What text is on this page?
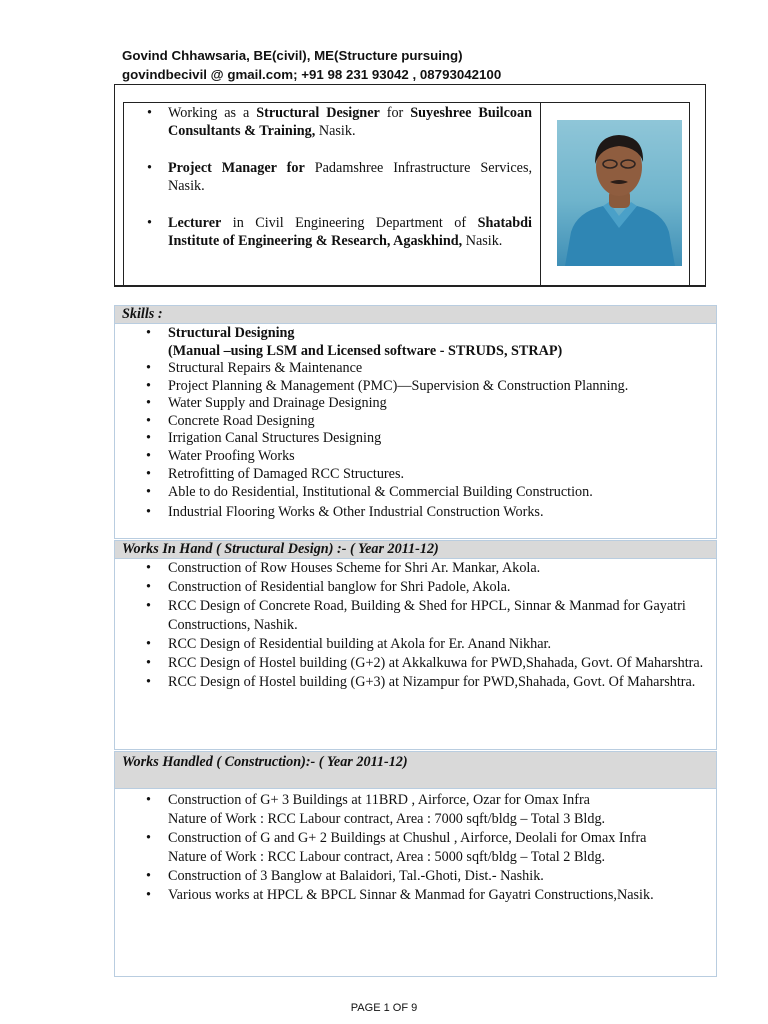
Govind Chhawsaria, BE(civil), ME(Structure pursuing)
govindbecivil @ gmail.com; +91 98 231 93042 , 08793042100
• Working as a Structural Designer for Suyeshree Builcoan Consultants & Training, Nasik.
• Project Manager for Padamshree Infrastructure Services, Nasik.
• Lecturer in Civil Engineering Department of Shatabdi Institute of Engineering & Research, Agaskhind, Nasik.
Skills :
• Structural Designing
(Manual –using LSM and Licensed software - STRUDS, STRAP)
• Structural Repairs & Maintenance
• Project Planning & Management (PMC)—Supervision & Construction Planning.
• Water Supply and Drainage Designing
• Concrete Road Designing
• Irrigation Canal Structures Designing
• Water Proofing Works
• Retrofitting of Damaged RCC Structures.
• Able to do Residential, Institutional & Commercial Building Construction.
• Industrial Flooring Works & Other Industrial Construction Works.
Works In Hand ( Structural Design) :- ( Year 2011-12)
• Construction of Row Houses Scheme for Shri Ar. Mankar, Akola.
• Construction of Residential banglow for Shri Padole, Akola.
• RCC Design of Concrete Road, Building & Shed for HPCL, Sinnar & Manmad for Gayatri Constructions, Nashik.
• RCC Design of Residential building at Akola for Er. Anand Nikhar.
• RCC Design of Hostel building (G+2) at Akkalkuwa for PWD,Shahada, Govt. Of Maharshtra.
• RCC Design of Hostel building (G+3) at Nizampur for PWD,Shahada, Govt. Of Maharshtra.
Works Handled ( Construction):- ( Year 2011-12)
• Construction of G+ 3 Buildings at 11BRD , Airforce, Ozar for Omax Infra
Nature of Work : RCC Labour contract, Area : 7000 sqft/bldg – Total 3 Bldg.
• Construction of G and G+ 2 Buildings at Chushul , Airforce, Deolali for Omax Infra
Nature of Work : RCC Labour contract, Area : 5000 sqft/bldg – Total 2 Bldg.
• Construction of 3 Banglow at Balaidori, Tal.-Ghoti, Dist.- Nashik.
• Various works at HPCL & BPCL Sinnar & Manmad for Gayatri Constructions,Nasik.
PAGE 1 OF 9
